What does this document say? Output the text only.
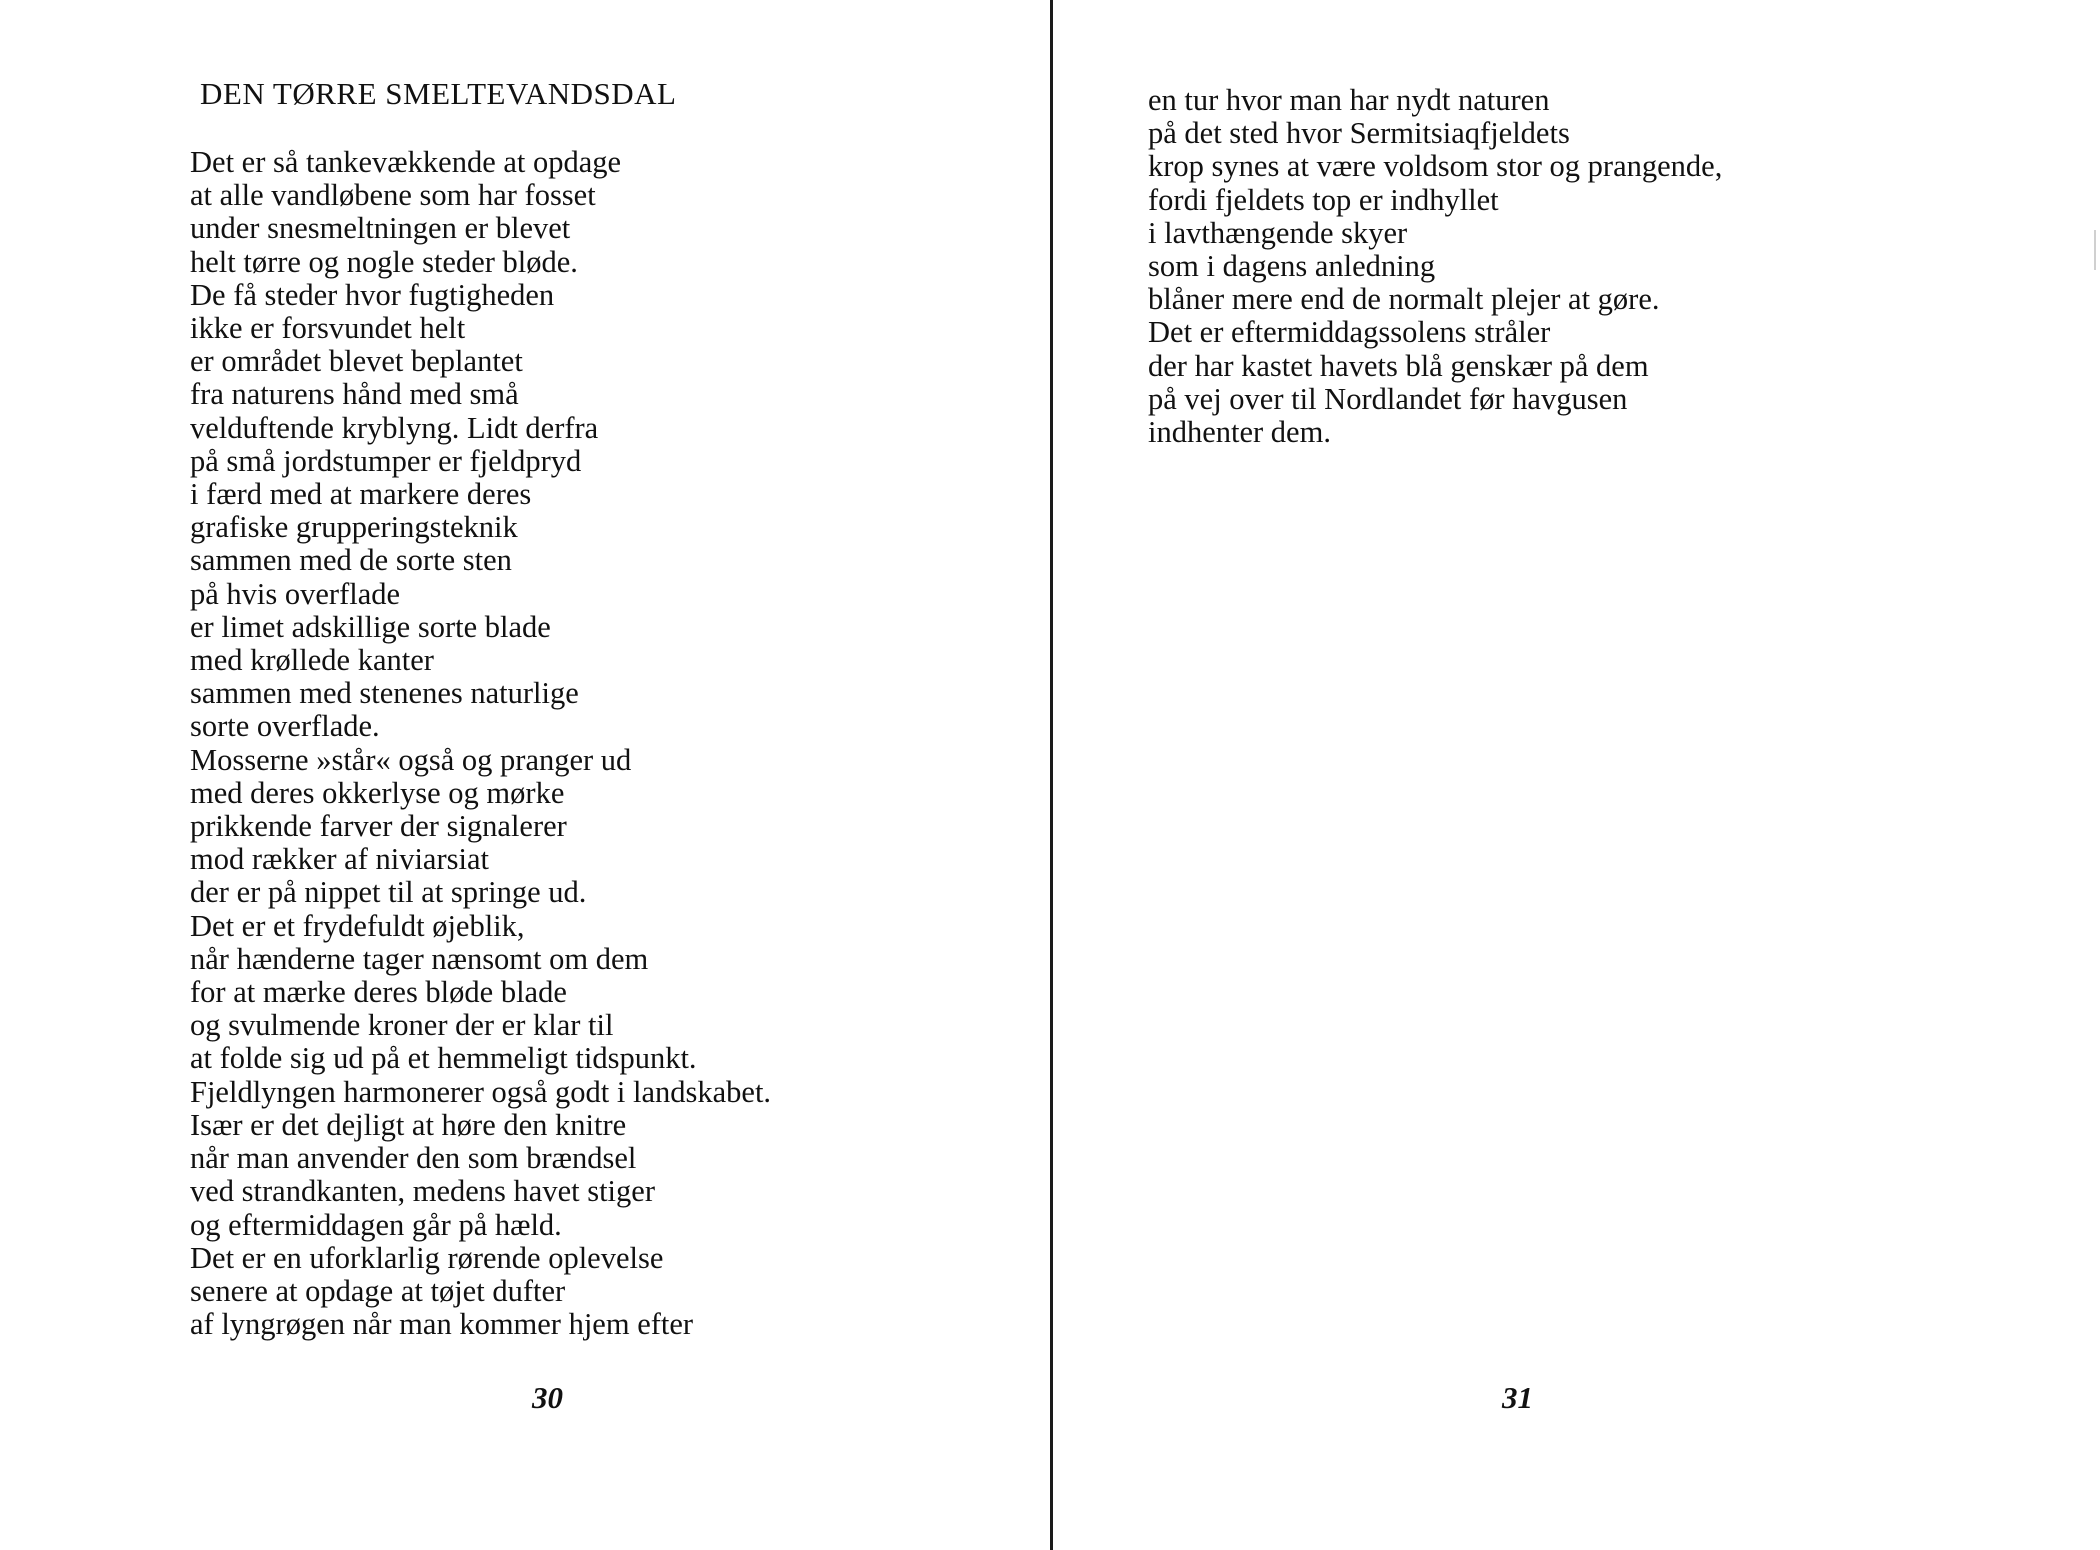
DEN TØRRE SMELTEVANDSDAL
Det er så tankevækkende at opdage
at alle vandløbene som har fosset
under snesmeltningen er blevet
helt tørre og nogle steder bløde.
De få steder hvor fugtigheden
ikke er forsvundet helt
er området blevet beplantet
fra naturens hånd med små
velduftende kryblyng. Lidt derfra
på små jordstumper er fjeldpryd
i færd med at markere deres
grafiske grupperingsteknik
sammen med de sorte sten
på hvis overflade
er limet adskillige sorte blade
med krøllede kanter
sammen med stenenes naturlige
sorte overflade.
Mosserne »står« også og pranger ud
med deres okkerlyse og mørke
prikkende farver der signalerer
mod rækker af niviarsiat
der er på nippet til at springe ud.
Det er et frydefuldt øjeblik,
når hænderne tager nænsomt om dem
for at mærke deres bløde blade
og svulmende kroner der er klar til
at folde sig ud på et hemmeligt tidspunkt.
Fjeldlyngen harmonerer også godt i landskabet.
Især er det dejligt at høre den knitre
når man anvender den som brændsel
ved strandkanten, medens havet stiger
og eftermiddagen går på hæld.
Det er en uforklarlig rørende oplevelse
senere at opdage at tøjet dufter
af lyngrøgen når man kommer hjem efter
30
en tur hvor man har nydt naturen
på det sted hvor Sermitsiaqfjeldets
krop synes at være voldsom stor og prangende,
fordi fjeldets top er indhyllet
i lavthængende skyer
som i dagens anledning
blåner mere end de normalt plejer at gøre.
Det er eftermiddagssolens stråler
der har kastet havets blå genskær på dem
på vej over til Nordlandet før havgusen
indhenter dem.
31
